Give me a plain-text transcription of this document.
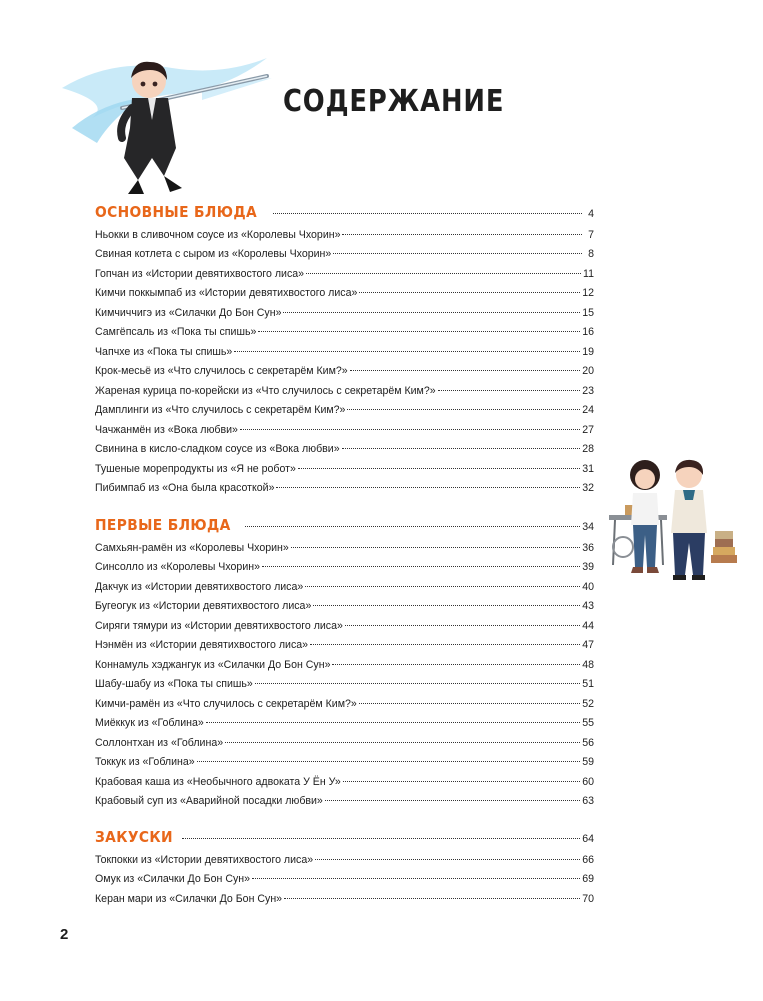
СОДЕРЖАНИЕ
ОСНОВНЫЕ БЛЮДА	4
Ньокки в сливочном соусе из «Королевы Чхорин»	7
Свиная котлета с сыром из «Королевы Чхорин»	8
Гопчан из «Истории девятихвостого лиса»	11
Кимчи поккымпаб из «Истории девятихвостого лиса»	12
Кимчиччигэ из «Силачки До Бон Сун»	15
Самгёпсаль из «Пока ты спишь»	16
Чапчхе из «Пока ты спишь»	19
Крок-месьё из «Что случилось с секретарём Ким?»	20
Жареная курица по-корейски из «Что случилось с секретарём Ким?»	23
Дамплинги из «Что случилось с секретарём Ким?»	24
Чачжанмён из «Вока любви»	27
Свинина в кисло-сладком соусе из «Вока любви»	28
Тушеные морепродукты из «Я не робот»	31
Пибимпаб из «Она была красоткой»	32
ПЕРВЫЕ БЛЮДА	34
Самхьян-рамён из «Королевы Чхорин»	36
Синсолло из «Королевы Чхорин»	39
Дакчук из «Истории девятихвостого лиса»	40
Бугеогук из «Истории девятихвостого лиса»	43
Сиряги тямури из «Истории девятихвостого лиса»	44
Нэнмён из «Истории девятихвостого лиса»	47
Коннамуль хэджангук из «Силачки До Бон Сун»	48
Шабу-шабу из «Пока ты спишь»	51
Кимчи-рамён из «Что случилось с секретарём Ким?»	52
Миёккук из «Гоблина»	55
Соллонтхан из «Гоблина»	56
Токкук из «Гоблина»	59
Крабовая каша из «Необычного адвоката У Ён У»	60
Крабовый суп из «Аварийной посадки любви»	63
ЗАКУСКИ	64
Токпокки из «Истории девятихвостого лиса»	66
Омук из «Силачки До Бон Сун»	69
Керан мари из «Силачки До Бон Сун»	70
2
